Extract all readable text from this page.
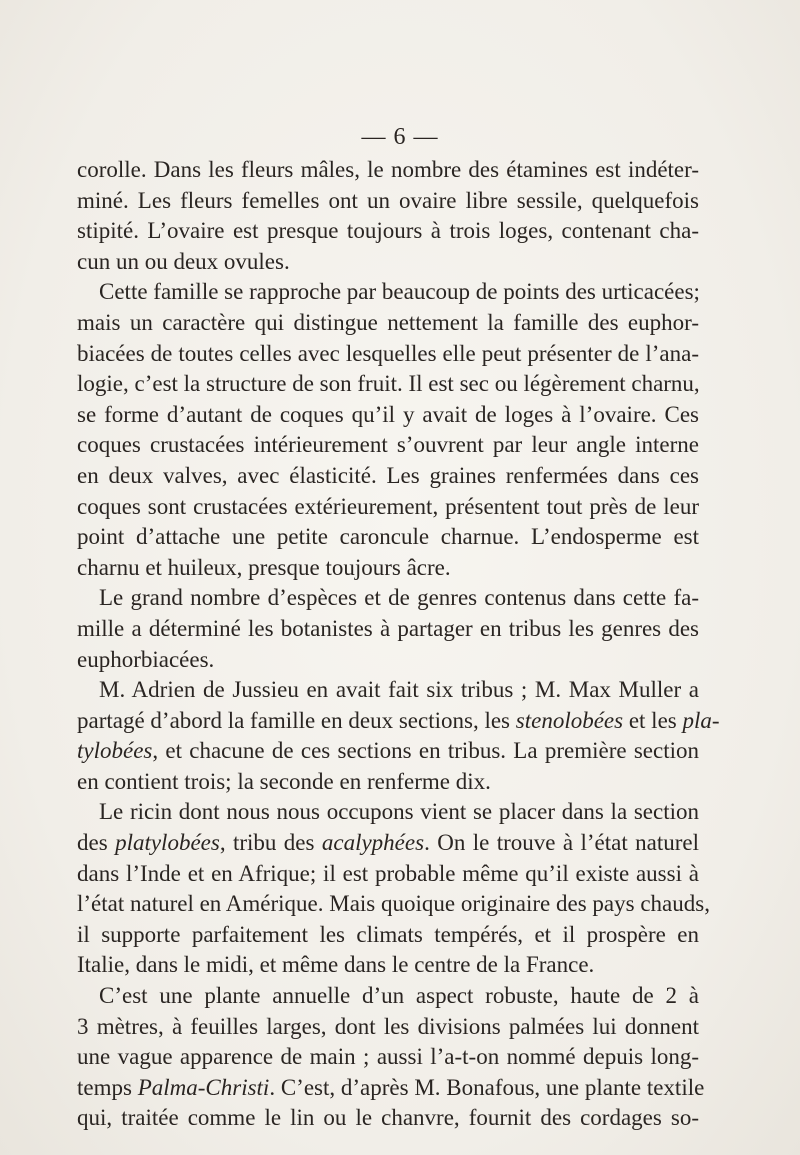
— 6 —
corolle. Dans les fleurs mâles, le nombre des étamines est indéter-
miné. Les fleurs femelles ont un ovaire libre sessile, quelquefois
stipité. L’ovaire est presque toujours à trois loges, contenant cha-
cun un ou deux ovules.
Cette famille se rapproche par beaucoup de points des urticacées;
mais un caractère qui distingue nettement la famille des euphor-
biacées de toutes celles avec lesquelles elle peut présenter de l’ana-
logie, c’est la structure de son fruit. Il est sec ou légèrement charnu,
se forme d’autant de coques qu’il y avait de loges à l’ovaire. Ces
coques crustacées intérieurement s’ouvrent par leur angle interne
en deux valves, avec élasticité. Les graines renfermées dans ces
coques sont crustacées extérieurement, présentent tout près de leur
point d’attache une petite caroncule charnue. L’endosperme est
charnu et huileux, presque toujours âcre.
Le grand nombre d’espèces et de genres contenus dans cette fa-
mille a déterminé les botanistes à partager en tribus les genres des
euphorbiacées.
M. Adrien de Jussieu en avait fait six tribus ; M. Max Muller a
partagé d’abord la famille en deux sections, les stenolobées et les pla-
tylobées, et chacune de ces sections en tribus. La première section
en contient trois; la seconde en renferme dix.
Le ricin dont nous nous occupons vient se placer dans la section
des platylobées, tribu des acalyphées. On le trouve à l’état naturel
dans l’Inde et en Afrique; il est probable même qu’il existe aussi à
l’état naturel en Amérique. Mais quoique originaire des pays chauds,
il supporte parfaitement les climats tempérés, et il prospère en
Italie, dans le midi, et même dans le centre de la France.
C’est une plante annuelle d’un aspect robuste, haute de 2 à
3 mètres, à feuilles larges, dont les divisions palmées lui donnent
une vague apparence de main ; aussi l’a-t-on nommé depuis long-
temps Palma-Christi. C’est, d’après M. Bonafous, une plante textile
qui, traitée comme le lin ou le chanvre, fournit des cordages so-
